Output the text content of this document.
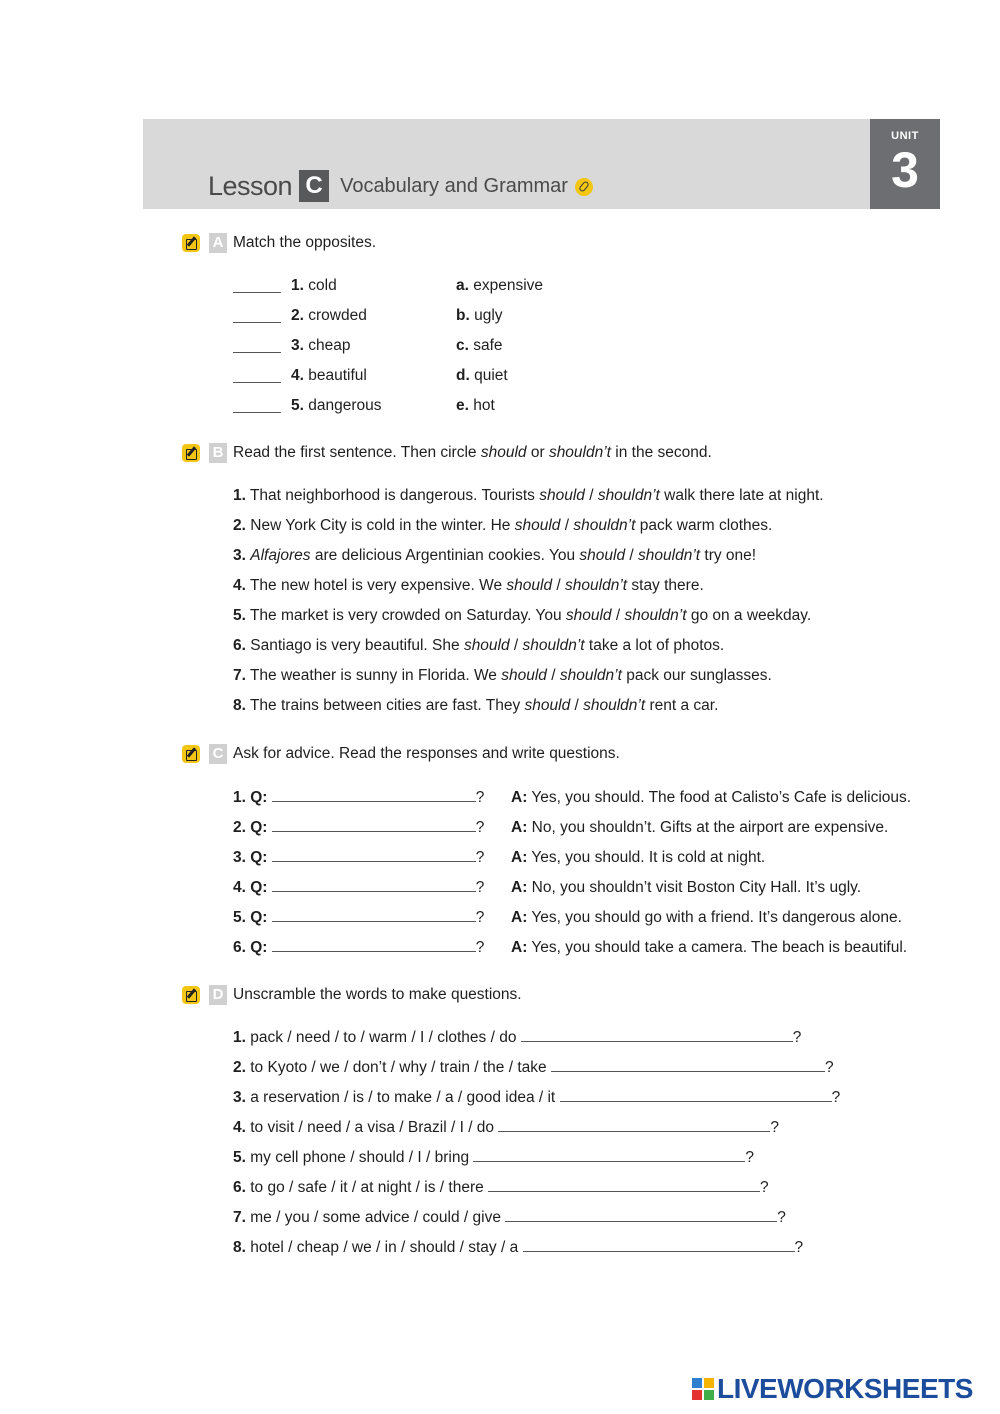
Lesson C Vocabulary and Grammar
UNIT
3
A Match the opposites.
1. cold	a. expensive
2. crowded	b. ugly
3. cheap	c. safe
4. beautiful	d. quiet
5. dangerous	e. hot
B Read the first sentence. Then circle should or shouldn’t in the second.
1. That neighborhood is dangerous. Tourists should / shouldn’t walk there late at night.
2. New York City is cold in the winter. He should / shouldn’t pack warm clothes.
3. Alfajores are delicious Argentinian cookies. You should / shouldn’t try one!
4. The new hotel is very expensive. We should / shouldn’t stay there.
5. The market is very crowded on Saturday. You should / shouldn’t go on a weekday.
6. Santiago is very beautiful. She should / shouldn’t take a lot of photos.
7. The weather is sunny in Florida. We should / shouldn’t pack our sunglasses.
8. The trains between cities are fast. They should / shouldn’t rent a car.
C Ask for advice. Read the responses and write questions.
1. Q:	? A: Yes, you should. The food at Calisto’s Cafe is delicious.
2. Q:	? A: No, you shouldn’t. Gifts at the airport are expensive.
3. Q:	? A: Yes, you should. It is cold at night.
4. Q:	? A: No, you shouldn’t visit Boston City Hall. It’s ugly.
5. Q:	? A: Yes, you should go with a friend. It’s dangerous alone.
6. Q:	? A: Yes, you should take a camera. The beach is beautiful.
D Unscramble the words to make questions.
1. pack / need / to / warm / I / clothes / do	?
2. to Kyoto / we / don’t / why / train / the / take	?
3. a reservation / is / to make / a / good idea / it	?
4. to visit / need / a visa / Brazil / I / do	?
5. my cell phone / should / I / bring	?
6. to go / safe / it / at night / is / there	?
7. me / you / some advice / could / give	?
8. hotel / cheap / we / in / should / stay / a	?
LIVEWORKSHEETS
